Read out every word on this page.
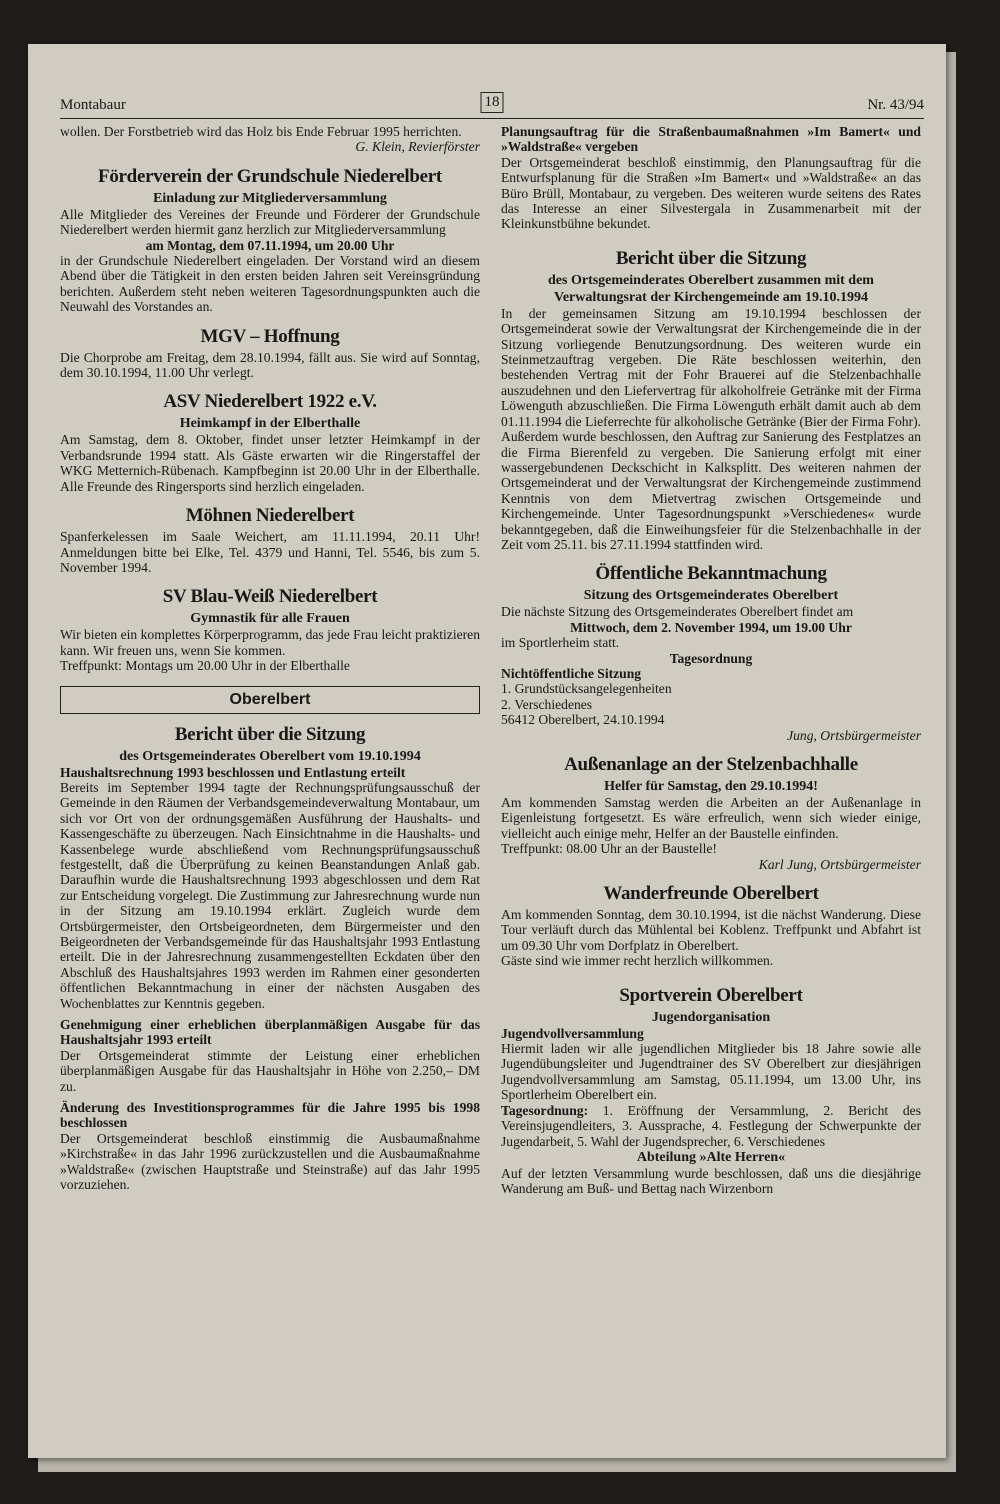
Montabaur	18	Nr. 43/94

wollen. Der Forstbetrieb wird das Holz bis Ende Februar 1995 herrichten.

G. Klein, Revierförster

Förderverein der Grundschule Niederelbert
Einladung zur Mitgliederversammlung

Alle Mitglieder des Vereines der Freunde und Förderer der Grundschule Niederelbert werden hiermit ganz herzlich zur Mitgliederversammlung

am Montag, dem 07.11.1994, um 20.00 Uhr

in der Grundschule Niederelbert eingeladen. Der Vorstand wird an diesem Abend über die Tätigkeit in den ersten beiden Jahren seit Vereinsgründung berichten. Außerdem steht neben weiteren Tagesordnungspunkten auch die Neuwahl des Vorstandes an.

MGV – Hoffnung

Die Chorprobe am Freitag, dem 28.10.1994, fällt aus. Sie wird auf Sonntag, dem 30.10.1994, 11.00 Uhr verlegt.

ASV Niederelbert 1922 e.V.
Heimkampf in der Elberthalle

Am Samstag, dem 8. Oktober, findet unser letzter Heimkampf in der Verbandsrunde 1994 statt. Als Gäste erwarten wir die Ringerstaffel der WKG Metternich-Rübenach. Kampfbeginn ist 20.00 Uhr in der Elberthalle. Alle Freunde des Ringersports sind herzlich eingeladen.

Möhnen Niederelbert

Spanferkelessen im Saale Weichert, am 11.11.1994, 20.11 Uhr! Anmeldungen bitte bei Elke, Tel. 4379 und Hanni, Tel. 5546, bis zum 5. November 1994.

SV Blau-Weiß Niederelbert
Gymnastik für alle Frauen

Wir bieten ein komplettes Körperprogramm, das jede Frau leicht praktizieren kann. Wir freuen uns, wenn Sie kommen.

Treffpunkt: Montags um 20.00 Uhr in der Elberthalle

Oberelbert
Bericht über die Sitzung
des Ortsgemeinderates Oberelbert vom 19.10.1994

Haushaltsrechnung 1993 beschlossen und Entlastung erteilt

Bereits im September 1994 tagte der Rechnungsprüfungsausschuß der Gemeinde in den Räumen der Verbandsgemeindeverwaltung Montabaur, um sich vor Ort von der ordnungsgemäßen Ausführung der Haushalts- und Kassengeschäfte zu überzeugen. Nach Einsichtnahme in die Haushalts- und Kassenbelege wurde abschließend vom Rechnungsprüfungsausschuß festgestellt, daß die Überprüfung zu keinen Beanstandungen Anlaß gab. Daraufhin wurde die Haushaltsrechnung 1993 abgeschlossen und dem Rat zur Entscheidung vorgelegt. Die Zustimmung zur Jahresrechnung wurde nun in der Sitzung am 19.10.1994 erklärt. Zugleich wurde dem Ortsbürgermeister, den Ortsbeigeordneten, dem Bürgermeister und den Beigeordneten der Verbandsgemeinde für das Haushaltsjahr 1993 Entlastung erteilt. Die in der Jahresrechnung zusammengestellten Eckdaten über den Abschluß des Haushaltsjahres 1993 werden im Rahmen einer gesonderten öffentlichen Bekanntmachung in einer der nächsten Ausgaben des Wochenblattes zur Kenntnis gegeben.

Genehmigung einer erheblichen überplanmäßigen Ausgabe für das Haushaltsjahr 1993 erteilt

Der Ortsgemeinderat stimmte der Leistung einer erheblichen überplanmäßigen Ausgabe für das Haushaltsjahr in Höhe von 2.250,– DM zu.

Änderung des Investitionsprogrammes für die Jahre 1995 bis 1998 beschlossen

Der Ortsgemeinderat beschloß einstimmig die Ausbaumaßnahme »Kirchstraße« in das Jahr 1996 zurückzustellen und die Ausbaumaßnahme »Waldstraße« (zwischen Hauptstraße und Steinstraße) auf das Jahr 1995 vorzuziehen.

Planungsauftrag für die Straßenbaumaßnahmen »Im Bamert« und »Waldstraße« vergeben

Der Ortsgemeinderat beschloß einstimmig, den Planungsauftrag für die Entwurfsplanung für die Straßen »Im Bamert« und »Waldstraße« an das Büro Brüll, Montabaur, zu vergeben. Des weiteren wurde seitens des Rates das Interesse an einer Silvestergala in Zusammenarbeit mit der Kleinkunstbühne bekundet.

Bericht über die Sitzung
des Ortsgemeinderates Oberelbert zusammen mit dem Verwaltungsrat der Kirchengemeinde am 19.10.1994

In der gemeinsamen Sitzung am 19.10.1994 beschlossen der Ortsgemeinderat sowie der Verwaltungsrat der Kirchengemeinde die in der Sitzung vorliegende Benutzungsordnung. Des weiteren wurde ein Steinmetzauftrag vergeben. Die Räte beschlossen weiterhin, den bestehenden Vertrag mit der Fohr Brauerei auf die Stelzenbachhalle auszudehnen und den Liefervertrag für alkoholfreie Getränke mit der Firma Löwenguth abzuschließen. Die Firma Löwenguth erhält damit auch ab dem 01.11.1994 die Lieferrechte für alkoholische Getränke (Bier der Firma Fohr). Außerdem wurde beschlossen, den Auftrag zur Sanierung des Festplatzes an die Firma Bierenfeld zu vergeben. Die Sanierung erfolgt mit einer wassergebundenen Deckschicht in Kalksplitt. Des weiteren nahmen der Ortsgemeinderat und der Verwaltungsrat der Kirchengemeinde zustimmend Kenntnis von dem Mietvertrag zwischen Ortsgemeinde und Kirchengemeinde. Unter Tagesordnungspunkt »Verschiedenes« wurde bekanntgegeben, daß die Einweihungsfeier für die Stelzenbachhalle in der Zeit vom 25.11. bis 27.11.1994 stattfinden wird.

Öffentliche Bekanntmachung
Sitzung des Ortsgemeinderates Oberelbert

Die nächste Sitzung des Ortsgemeinderates Oberelbert findet am

Mittwoch, dem 2. November 1994, um 19.00 Uhr

im Sportlerheim statt.

Tagesordnung

Nichtöffentliche Sitzung

1. Grundstücksangelegenheiten

2. Verschiedenes

56412 Oberelbert, 24.10.1994

Jung, Ortsbürgermeister

Außenanlage an der Stelzenbachhalle
Helfer für Samstag, den 29.10.1994!

Am kommenden Samstag werden die Arbeiten an der Außenanlage in Eigenleistung fortgesetzt. Es wäre erfreulich, wenn sich wieder einige, vielleicht auch einige mehr, Helfer an der Baustelle einfinden.

Treffpunkt: 08.00 Uhr an der Baustelle!

Karl Jung, Ortsbürgermeister

Wanderfreunde Oberelbert

Am kommenden Sonntag, dem 30.10.1994, ist die nächst Wanderung. Diese Tour verläuft durch das Mühlental bei Koblenz. Treffpunkt und Abfahrt ist um 09.30 Uhr vom Dorfplatz in Oberelbert.

Gäste sind wie immer recht herzlich willkommen.

Sportverein Oberelbert
Jugendorganisation

Jugendvollversammlung

Hiermit laden wir alle jugendlichen Mitglieder bis 18 Jahre sowie alle Jugendübungsleiter und Jugendtrainer des SV Oberelbert zur diesjährigen Jugendvollversammlung am Samstag, 05.11.1994, um 13.00 Uhr, ins Sportlerheim Oberelbert ein.

Tagesordnung: 1. Eröffnung der Versammlung, 2. Bericht des Vereinsjugendleiters, 3. Aussprache, 4. Festlegung der Schwerpunkte der Jugendarbeit, 5. Wahl der Jugendsprecher, 6. Verschiedenes

Abteilung »Alte Herren«

Auf der letzten Versammlung wurde beschlossen, daß uns die diesjährige Wanderung am Buß- und Bettag nach Wirzenborn
